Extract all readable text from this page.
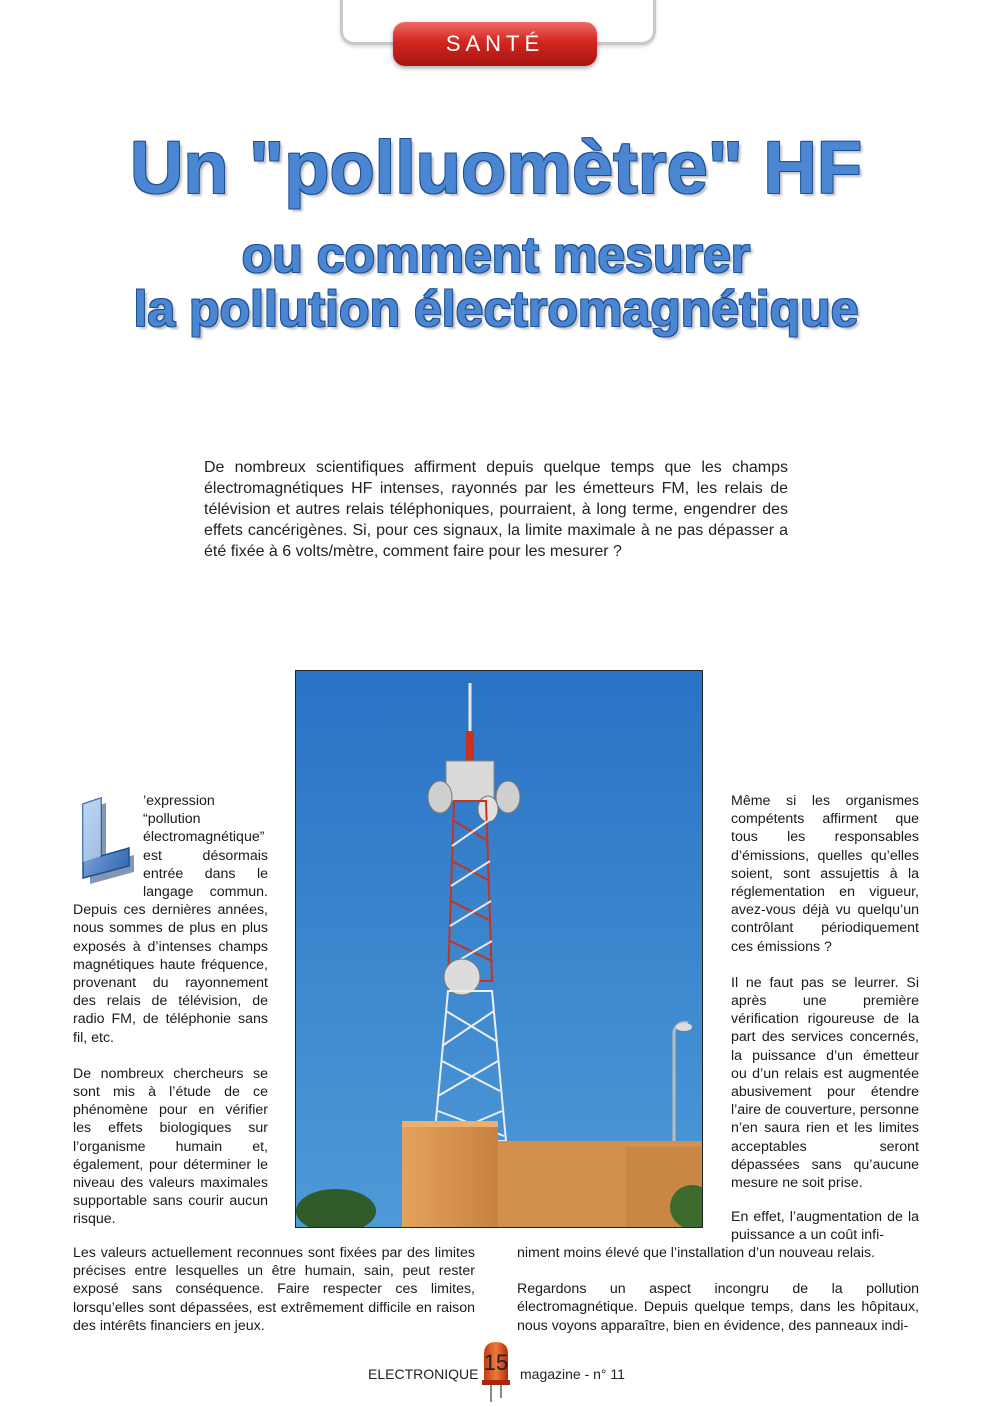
SANTÉ
Un "polluomètre" HF
ou comment mesurer
la pollution électromagnétique

De nombreux scientifiques affirment depuis quelque temps que les champs électromagnétiques HF intenses, rayonnés par les émetteurs FM, les relais de télévision et autres relais téléphoniques, pourraient, à long terme, engendrer des effets cancérigènes. Si, pour ces signaux, la limite maximale à ne pas dépasser a été fixée à 6 volts/mètre, comment faire pour les mesurer ?

’expression “pollution électromagnétique” est désormais entrée dans le langage commun. Depuis ces dernières années, nous sommes de plus en plus exposés à d’intenses champs magnétiques haute fréquence, provenant du rayonnement des relais de télévision, de radio FM, de téléphonie sans fil, etc.

De nombreux chercheurs se sont mis à l’étude de ce phénomène pour en vérifier les effets biologiques sur l’organisme humain et, également, pour déterminer le niveau des valeurs maximales supportable sans courir aucun risque.

Les valeurs actuellement reconnues sont fixées par des limites précises entre lesquelles un être humain, sain, peut rester exposé sans conséquence. Faire respecter ces limites, lorsqu’elles sont dépassées, est extrêmement difficile en raison des intérêts financiers en jeux.

Même si les organismes compétents affirment que tous les responsables d’émissions, quelles qu’elles soient, sont assujettis à la réglementation en vigueur, avez-vous déjà vu quelqu’un contrôlant périodiquement ces émissions ?

Il ne faut pas se leurrer. Si après une première vérification rigoureuse de la part des services concernés, la puissance d’un émetteur ou d’un relais est augmentée abusivement pour étendre l’aire de couverture, personne n’en saura rien et les limites acceptables seront dépassées sans qu’aucune mesure ne soit prise.

En effet, l’augmentation de la puissance a un coût infi-

niment moins élevé que l’installation d’un nouveau relais.

Regardons un aspect incongru de la pollution électromagnétique. Depuis quelque temps, dans les hôpitaux, nous voyons apparaître, bien en évidence, des panneaux indi-

ELECTRONIQUE 15 magazine - n° 11
